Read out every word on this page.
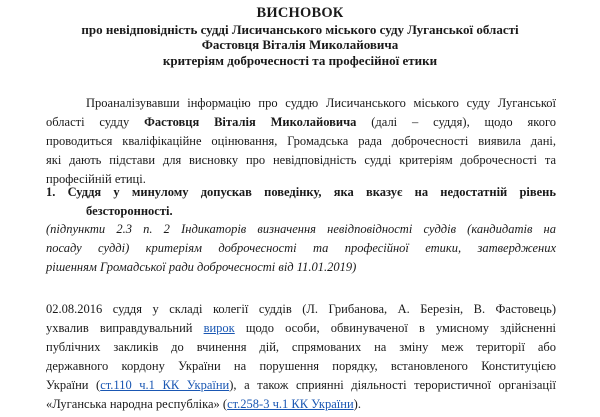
ВИСНОВОК
про невідповідність судді Лисичанського міського суду Луганської області
Фастовця Віталія Миколайовича
критеріям доброчесності та професійної етики
Проаналізувавши інформацію про суддю Лисичанського міського суду Луганської
області судду Фастовця Віталія Миколайовича (далі – суддя), щодо якого
проводиться кваліфікаційне оцінювання, Громадська рада доброчесності виявила дані,
які дають підстави для висновку про невідповідність судді критеріям доброчесності та
професійній етиці.
1. Суддя у минулому допускав поведінку, яка вказує на недостатній рівень
безсторонності.
(підпункти 2.3 п. 2 Індикаторів визначення невідповідності суддів (кандидатів на
посаду судді) критеріям доброчесності та професійної етики, затверджених
рішенням Громадської ради доброчесності від 11.01.2019)
02.08.2016 суддя у складі колегії суддів (Л. Грибанова, А. Березін, В. Фастовець)
ухвалив виправдувальний вирок щодо особи, обвинуваченої в умисному здійсненні
публічних закликів до вчинення дій, спрямованих на зміну меж території або
державного кордону України на порушення порядку, встановленого Конституцією
України (ст.110 ч.1 КК України), а також сприянні діяльності терористичної організації
«Луганська народна республіка» (ст.258-3 ч.1 КК України).
